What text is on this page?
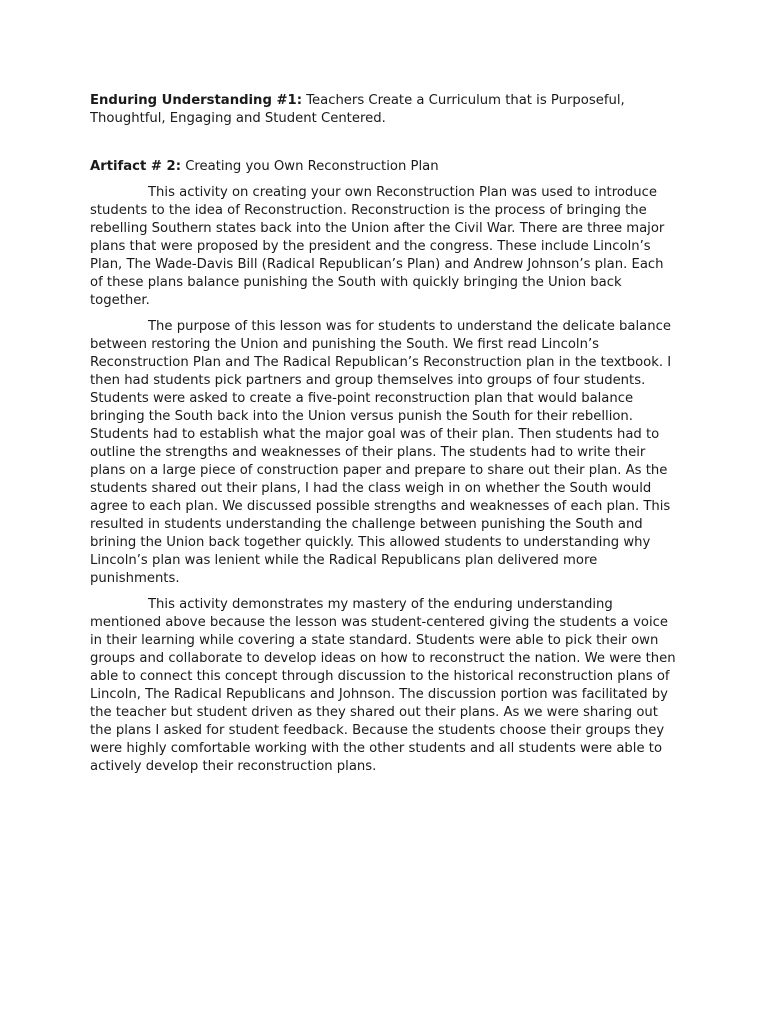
Enduring Understanding #1: Teachers Create a Curriculum that is Purposeful, Thoughtful, Engaging and Student Centered.

Artifact # 2: Creating you Own Reconstruction Plan

This activity on creating your own Reconstruction Plan was used to introduce students to the idea of Reconstruction. Reconstruction is the process of bringing the rebelling Southern states back into the Union after the Civil War. There are three major plans that were proposed by the president and the congress. These include Lincoln’s Plan, The Wade-Davis Bill (Radical Republican’s Plan) and Andrew Johnson’s plan. Each of these plans balance punishing the South with quickly bringing the Union back together.

The purpose of this lesson was for students to understand the delicate balance between restoring the Union and punishing the South. We first read Lincoln’s Reconstruction Plan and The Radical Republican’s Reconstruction plan in the textbook. I then had students pick partners and group themselves into groups of four students. Students were asked to create a five-point reconstruction plan that would balance bringing the South back into the Union versus punish the South for their rebellion. Students had to establish what the major goal was of their plan. Then students had to outline the strengths and weaknesses of their plans. The students had to write their plans on a large piece of construction paper and prepare to share out their plan. As the students shared out their plans, I had the class weigh in on whether the South would agree to each plan. We discussed possible strengths and weaknesses of each plan. This resulted in students understanding the challenge between punishing the South and brining the Union back together quickly. This allowed students to understanding why Lincoln’s plan was lenient while the Radical Republicans plan delivered more punishments.

This activity demonstrates my mastery of the enduring understanding mentioned above because the lesson was student-centered giving the students a voice in their learning while covering a state standard. Students were able to pick their own groups and collaborate to develop ideas on how to reconstruct the nation. We were then able to connect this concept through discussion to the historical reconstruction plans of Lincoln, The Radical Republicans and Johnson. The discussion portion was facilitated by the teacher but student driven as they shared out their plans. As we were sharing out the plans I asked for student feedback. Because the students choose their groups they were highly comfortable working with the other students and all students were able to actively develop their reconstruction plans.
